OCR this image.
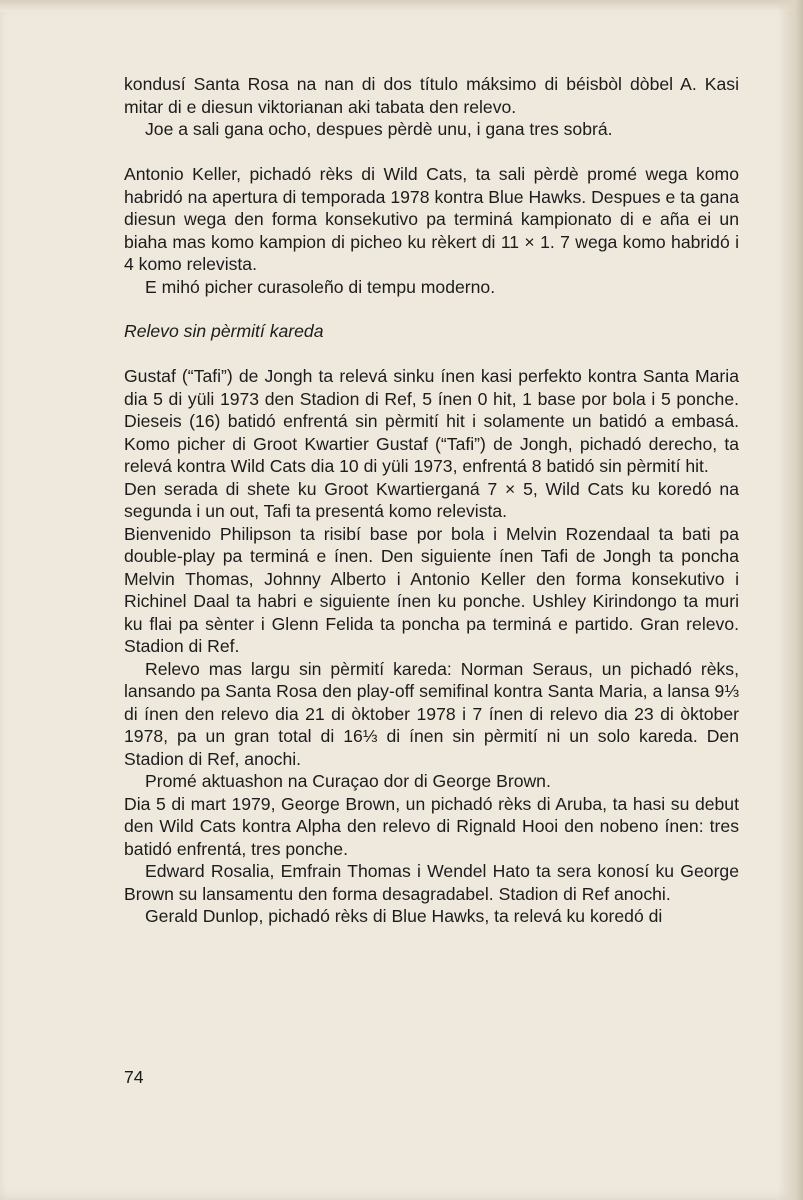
kondusí Santa Rosa na nan di dos título máksimo di béisbòl dòbel A. Kasi mitar di e diesun viktorianan aki tabata den relevo.

Joe a sali gana ocho, despues pèrdè unu, i gana tres sobrá.

Antonio Keller, pichadó rèks di Wild Cats, ta sali pèrdè promé wega komo habridó na apertura di temporada 1978 kontra Blue Hawks. Despues e ta gana diesun wega den forma konsekutivo pa terminá kampionato di e aña ei un biaha mas komo kampion di picheo ku rèkert di 11 × 1. 7 wega komo habridó i 4 komo relevista.

E mihó picher curasoleño di tempu moderno.

Relevo sin pèrmití kareda

Gustaf (“Tafi”) de Jongh ta relevá sinku ínen kasi perfekto kontra Santa Maria dia 5 di yüli 1973 den Stadion di Ref, 5 ínen 0 hit, 1 base por bola i 5 ponche. Dieseis (16) batidó enfrentá sin pèrmití hit i solamente un batidó a embasá. Komo picher di Groot Kwartier Gustaf (“Tafi”) de Jongh, pichadó derecho, ta relevá kontra Wild Cats dia 10 di yüli 1973, enfrentá 8 batidó sin pèrmití hit.

Den serada di shete ku Groot Kwartierganá 7 × 5, Wild Cats ku koredó na segunda i un out, Tafi ta presentá komo relevista.

Bienvenido Philipson ta risibí base por bola i Melvin Rozendaal ta bati pa double-play pa terminá e ínen. Den siguiente ínen Tafi de Jongh ta poncha Melvin Thomas, Johnny Alberto i Antonio Keller den forma konsekutivo i Richinel Daal ta habri e siguiente ínen ku ponche. Ushley Kirindongo ta muri ku flai pa sènter i Glenn Felida ta poncha pa terminá e partido. Gran relevo. Stadion di Ref.

Relevo mas largu sin pèrmití kareda: Norman Seraus, un pichadó rèks, lansando pa Santa Rosa den play-off semifinal kontra Santa Maria, a lansa 9⅓ di ínen den relevo dia 21 di òktober 1978 i 7 ínen di relevo dia 23 di òktober 1978, pa un gran total di 16⅓ di ínen sin pèrmití ni un solo kareda. Den Stadion di Ref, anochi.

Promé aktuashon na Curaçao dor di George Brown.

Dia 5 di mart 1979, George Brown, un pichadó rèks di Aruba, ta hasi su debut den Wild Cats kontra Alpha den relevo di Rignald Hooi den nobeno ínen: tres batidó enfrentá, tres ponche.

Edward Rosalia, Emfrain Thomas i Wendel Hato ta sera konosí ku George Brown su lansamentu den forma desagradabel. Stadion di Ref anochi.

Gerald Dunlop, pichadó rèks di Blue Hawks, ta relevá ku koredó di

74
